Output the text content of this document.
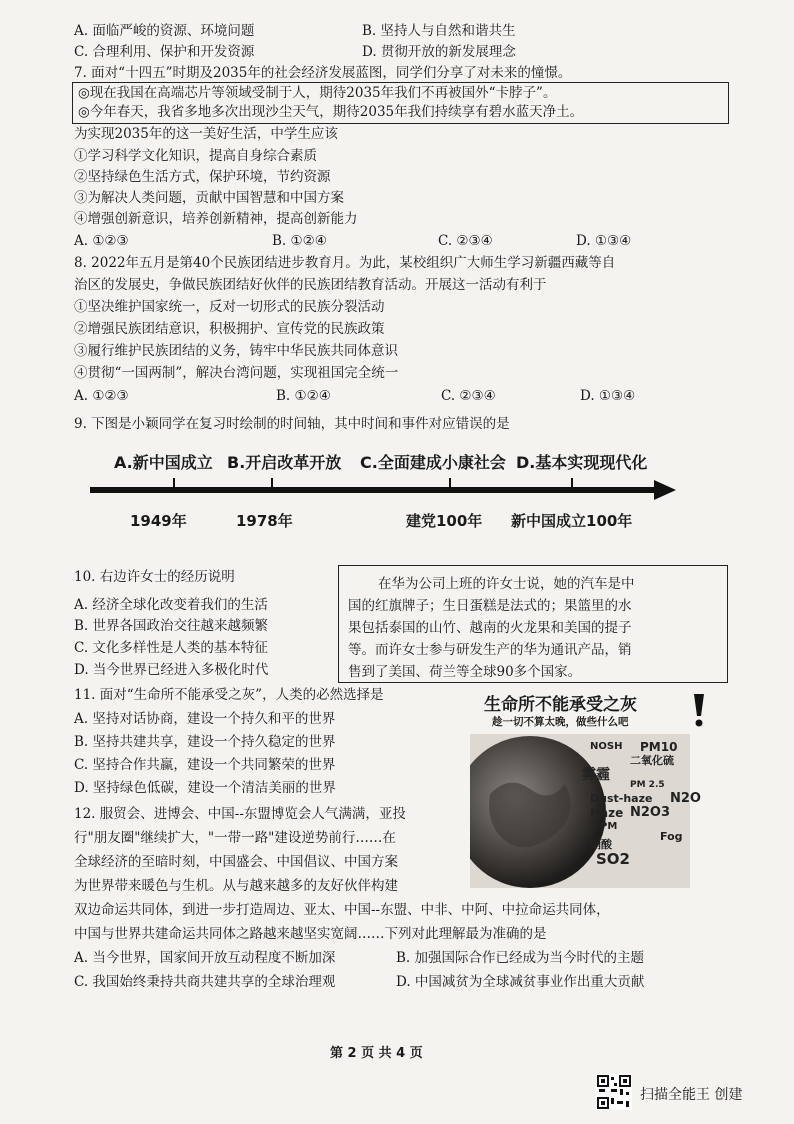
A. 面临严峻的资源、环境问题	B. 坚持人与自然和谐共生
C. 合理利用、保护和开发资源	D. 贯彻开放的新发展理念
7. 面对“十四五”时期及2035年的社会经济发展蓝图，同学们分享了对未来的憧憬。
◎现在我国在高端芯片等领域受制于人，期待2035年我们不再被国外“卡脖子”。
◎今年春天，我省多地多次出现沙尘天气，期待2035年我们持续享有碧水蓝天净土。
为实现2035年的这一美好生活，中学生应该
①学习科学文化知识，提高自身综合素质
②坚持绿色生活方式，保护环境，节约资源
③为解决人类问题，贡献中国智慧和中国方案
④增强创新意识，培养创新精神，提高创新能力
A. ①②③	B. ①②④	C. ②③④	D. ①③④
8. 2022年五月是第40个民族团结进步教育月。为此，某校组织广大师生学习新疆西藏等自
治区的发展史，争做民族团结好伙伴的民族团结教育活动。开展这一活动有利于
①坚决维护国家统一，反对一切形式的民族分裂活动
②增强民族团结意识，积极拥护、宣传党的民族政策
③履行维护民族团结的义务，铸牢中华民族共同体意识
④贯彻“一国两制”，解决台湾问题，实现祖国完全统一
A. ①②③	B. ①②④	C. ②③④	D. ①③④
9. 下图是小颖同学在复习时绘制的时间轴，其中时间和事件对应错误的是
A.新中国成立 B.开启改革开放 C.全面建成小康社会 D.基本实现现代化
1949年	1978年	建党100年 新中国成立100年
10. 右边许女士的经历说明
A. 经济全球化改变着我们的生活
B. 世界各国政治交往越来越频繁
C. 文化多样性是人类的基本特征
D. 当今世界已经进入多极化时代
在华为公司上班的许女士说，她的汽车是中
国的红旗牌子；生日蛋糕是法式的；果篮里的水
果包括泰国的山竹、越南的火龙果和美国的提子
等。而许女士参与研发生产的华为通讯产品，销
售到了美国、荷兰等全球90多个国家。
11. 面对“生命所不能承受之灰”，人类的必然选择是
A. 坚持对话协商，建设一个持久和平的世界
B. 坚持共建共享，建设一个持久稳定的世界
C. 坚持合作共赢，建设一个共同繁荣的世界
D. 坚持绿色低碳，建设一个清洁美丽的世界
生命所不能承受之灰
趁一切不算太晚，做些什么吧
NOSH	PM10
二氧化硫
雾霾
PM 2.5
Dust-haze	N2O
Haze N2O3
PM
Fog
硝酸
SO2
12. 服贸会、进博会、中国--东盟博览会人气满满，亚投
行"朋友圈"继续扩大，"一带一路"建设逆势前行……在
全球经济的至暗时刻，中国盛会、中国倡议、中国方案
为世界带来暖色与生机。从与越来越多的友好伙伴构建
双边命运共同体，到进一步打造周边、亚太、中国--东盟、中非、中阿、中拉命运共同体，
中国与世界共建命运共同体之路越来越坚实宽阔……下列对此理解最为准确的是
A. 当今世界，国家间开放互动程度不断加深	B. 加强国际合作已经成为当今时代的主题
C. 我国始终秉持共商共建共享的全球治理观	D. 中国减贫为全球减贫事业作出重大贡献
第 2 页 共 4 页
扫描全能王 创建
